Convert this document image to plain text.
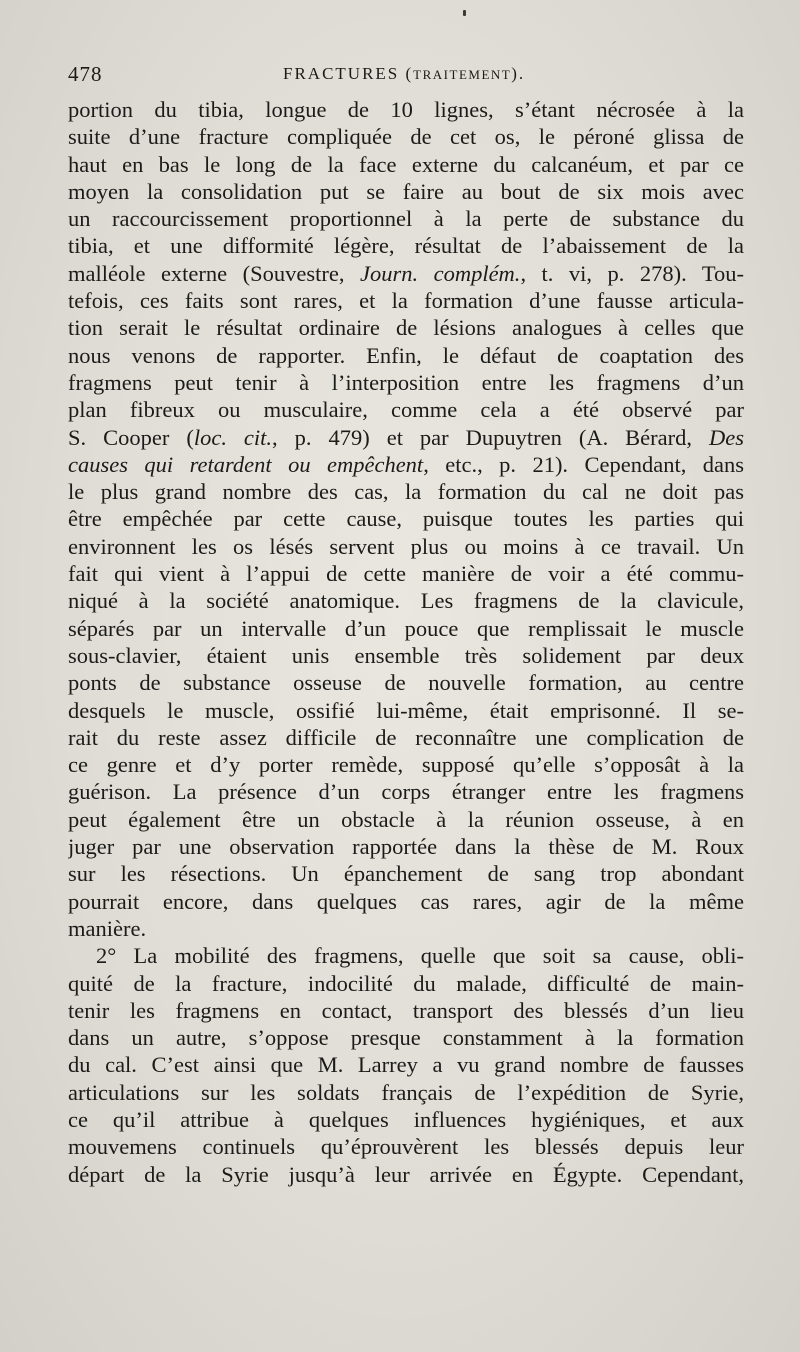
478	FRACTURES (TRAITEMENT).
portion du tibia, longue de 10 lignes, s’étant nécrosée à la
suite d’une fracture compliquée de cet os, le péroné glissa de
haut en bas le long de la face externe du calcanéum, et par ce
moyen la consolidation put se faire au bout de six mois avec
un raccourcissement proportionnel à la perte de substance du
tibia, et une difformité légère, résultat de l’abaissement de la
malléole externe (Souvestre, Journ. complém., t. vi, p. 278). Tou-
tefois, ces faits sont rares, et la formation d’une fausse articula-
tion serait le résultat ordinaire de lésions analogues à celles que
nous venons de rapporter. Enfin, le défaut de coaptation des
fragmens peut tenir à l’interposition entre les fragmens d’un
plan fibreux ou musculaire, comme cela a été observé par
S. Cooper (loc. cit., p. 479) et par Dupuytren (A. Bérard, Des
causes qui retardent ou empêchent, etc., p. 21). Cependant, dans
le plus grand nombre des cas, la formation du cal ne doit pas
être empêchée par cette cause, puisque toutes les parties qui
environnent les os lésés servent plus ou moins à ce travail. Un
fait qui vient à l’appui de cette manière de voir a été commu-
niqué à la société anatomique. Les fragmens de la clavicule,
séparés par un intervalle d’un pouce que remplissait le muscle
sous-clavier, étaient unis ensemble très solidement par deux
ponts de substance osseuse de nouvelle formation, au centre
desquels le muscle, ossifié lui-même, était emprisonné. Il se-
rait du reste assez difficile de reconnaître une complication de
ce genre et d’y porter remède, supposé qu’elle s’opposât à la
guérison. La présence d’un corps étranger entre les fragmens
peut également être un obstacle à la réunion osseuse, à en
juger par une observation rapportée dans la thèse de M. Roux
sur les résections. Un épanchement de sang trop abondant
pourrait encore, dans quelques cas rares, agir de la même
manière.
2° La mobilité des fragmens, quelle que soit sa cause, obli-
quité de la fracture, indocilité du malade, difficulté de main-
tenir les fragmens en contact, transport des blessés d’un lieu
dans un autre, s’oppose presque constamment à la formation
du cal. C’est ainsi que M. Larrey a vu grand nombre de fausses
articulations sur les soldats français de l’expédition de Syrie,
ce qu’il attribue à quelques influences hygiéniques, et aux
mouvemens continuels qu’éprouvèrent les blessés depuis leur
départ de la Syrie jusqu’à leur arrivée en Égypte. Cependant,
